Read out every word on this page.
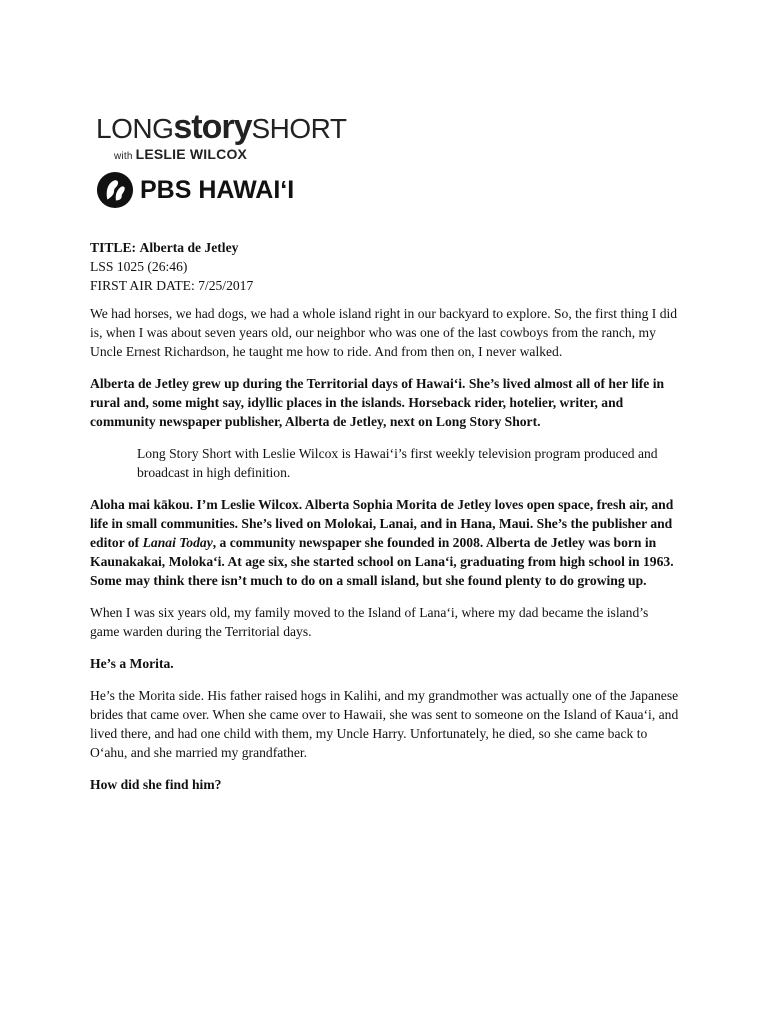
LONG story SHORT
with LESLIE WILCOX
PBS HAWAIʻI
TITLE: Alberta de Jetley
LSS 1025 (26:46)
FIRST AIR DATE: 7/25/2017

We had horses, we had dogs, we had a whole island right in our backyard to explore. So, the first thing I did is, when I was about seven years old, our neighbor who was one of the last cowboys from the ranch, my Uncle Ernest Richardson, he taught me how to ride. And from then on, I never walked.

Alberta de Jetley grew up during the Territorial days of Hawaiʻi. She’s lived almost all of her life in rural and, some might say, idyllic places in the islands. Horseback rider, hotelier, writer, and community newspaper publisher, Alberta de Jetley, next on Long Story Short.

Long Story Short with Leslie Wilcox is Hawaiʻi’s first weekly television program produced and broadcast in high definition.

Aloha mai kākou. I’m Leslie Wilcox. Alberta Sophia Morita de Jetley loves open space, fresh air, and life in small communities. She’s lived on Molokai, Lanai, and in Hana, Maui. She’s the publisher and editor of Lanai Today, a community newspaper she founded in 2008. Alberta de Jetley was born in Kaunakakai, Molokaʻi. At age six, she started school on Lanaʻi, graduating from high school in 1963. Some may think there isn’t much to do on a small island, but she found plenty to do growing up.

When I was six years old, my family moved to the Island of Lanaʻi, where my dad became the island’s game warden during the Territorial days.

He’s a Morita.

He’s the Morita side. His father raised hogs in Kalihi, and my grandmother was actually one of the Japanese brides that came over. When she came over to Hawaii, she was sent to someone on the Island of Kauaʻi, and lived there, and had one child with them, my Uncle Harry. Unfortunately, he died, so she came back to Oʻahu, and she married my grandfather.

How did she find him?
